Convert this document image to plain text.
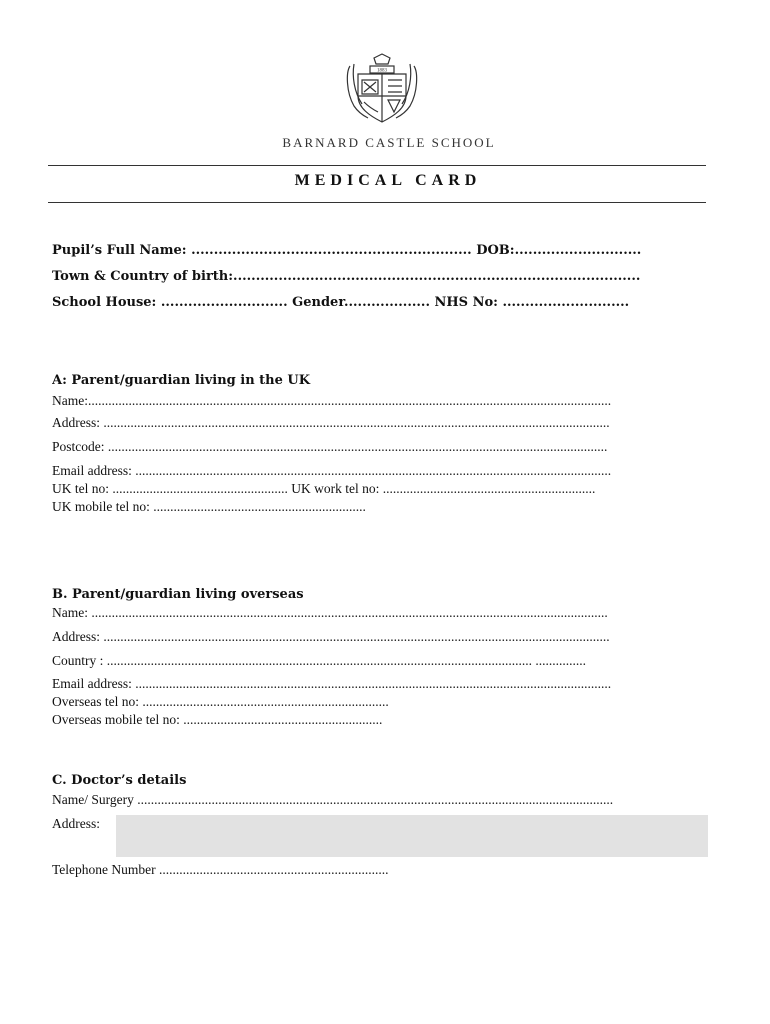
1883
BARNARD CASTLE SCHOOL
MEDICAL CARD
Pupil’s Full Name: .............................................................. DOB:............................
Town & Country of birth:..........................................................................................
School House: ............................ Gender................... NHS No: ............................
A: Parent/guardian living in the UK
Name:...........................................................................................................................................................
Address: ......................................................................................................................................................
Postcode: ....................................................................................................................................................
Email address: .............................................................................................................................................
UK tel no: .................................................... UK work tel no: ...............................................................
UK mobile tel no: ...............................................................
B. Parent/guardian living overseas
Name: .........................................................................................................................................................
Address: ......................................................................................................................................................
Country : .............................................................................................................................. ...............
Email address: .............................................................................................................................................
Overseas tel no: .........................................................................
Overseas mobile tel no: ...........................................................
C. Doctor’s details
Name/ Surgery .............................................................................................................................................
Address:
Telephone Number ....................................................................
